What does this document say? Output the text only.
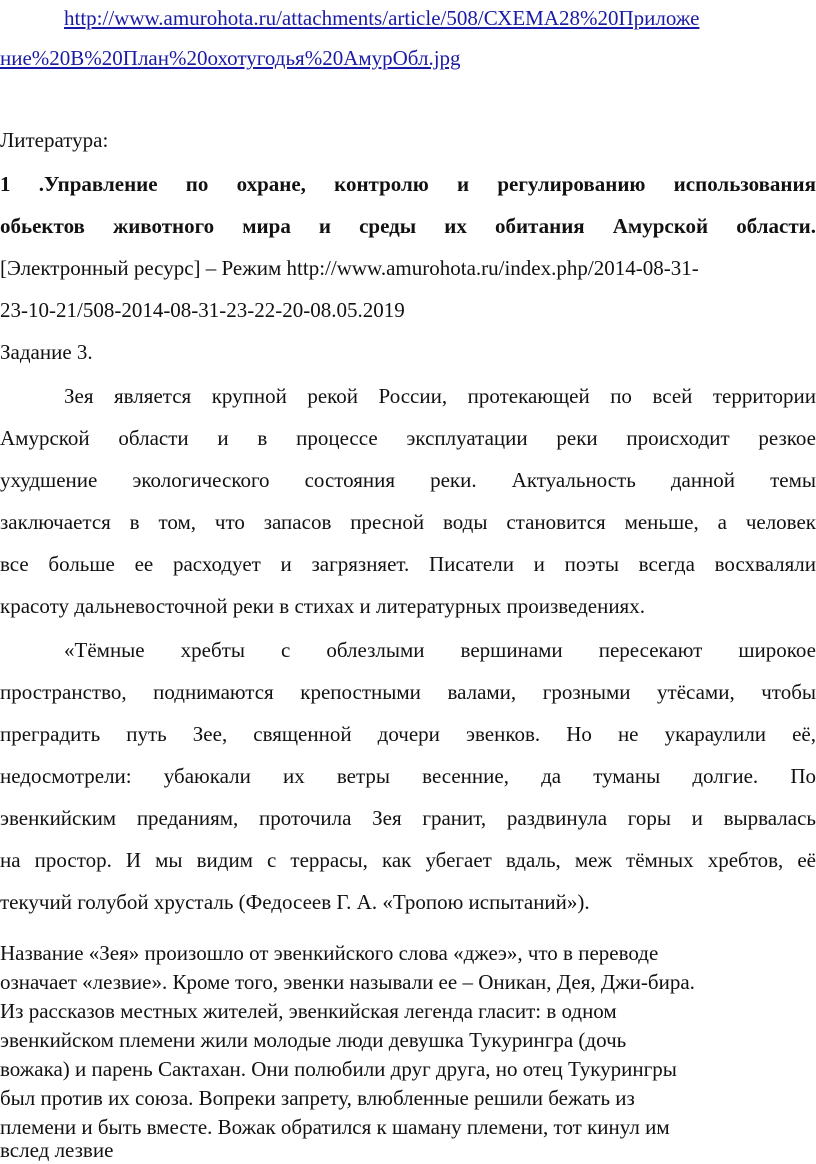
http://www.amurohota.ru/attachments/article/508/СХЕМА28%20Приложе
ние%20В%20План%20охотугодья%20АмурОбл.jpg
Литература:
1 .Управление по охране, контролю и регулированию использования
обьектов животного мира и среды их обитания Амурской области.
[Электронный ресурс] – Режим http://www.amurohota.ru/index.php/2014-08-31-
23-10-21/508-2014-08-31-23-22-20-08.05.2019
Задание 3.
Зея является крупной рекой России, протекающей по всей территории
Амурской области и в процессе эксплуатации реки происходит резкое
ухудшение экологического состояния реки. Актуальность данной темы
заключается в том, что запасов пресной воды становится меньше, а человек
все больше ее расходует и загрязняет. Писатели и поэты всегда восхваляли
красоту дальневосточной реки в стихах и литературных произведениях.
«Тёмные хребты с облезлыми вершинами пересекают широкое
пространство, поднимаются крепостными валами, грозными утёсами, чтобы
преградить путь Зее, священной дочери эвенков. Но не укараулили её,
недосмотрели: убаюкали их ветры весенние, да туманы долгие. По
эвенкийским преданиям, проточила Зея гранит, раздвинула горы и вырвалась
на простор. И мы видим с террасы, как убегает вдаль, меж тёмных хребтов, её
текучий голубой хрусталь (Федосеев Г. А. «Тропою испытаний»).
Название «Зея» произошло от эвенкийского слова «джеэ», что в переводе
означает «лезвие». Кроме того, эвенки называли ее – Оникан, Дея, Джи-бира.
Из рассказов местных жителей, эвенкийская легенда гласит: в одном
эвенкийском племени жили молодые люди девушка Тукурингра (дочь
вожака) и парень Сактахан. Они полюбили друг друга, но отец Тукурингры
был против их союза. Вопреки запрету, влюбленные решили бежать из
племени и быть вместе. Вожак обратился к шаману племени, тот кинул им
вслед лезвие
